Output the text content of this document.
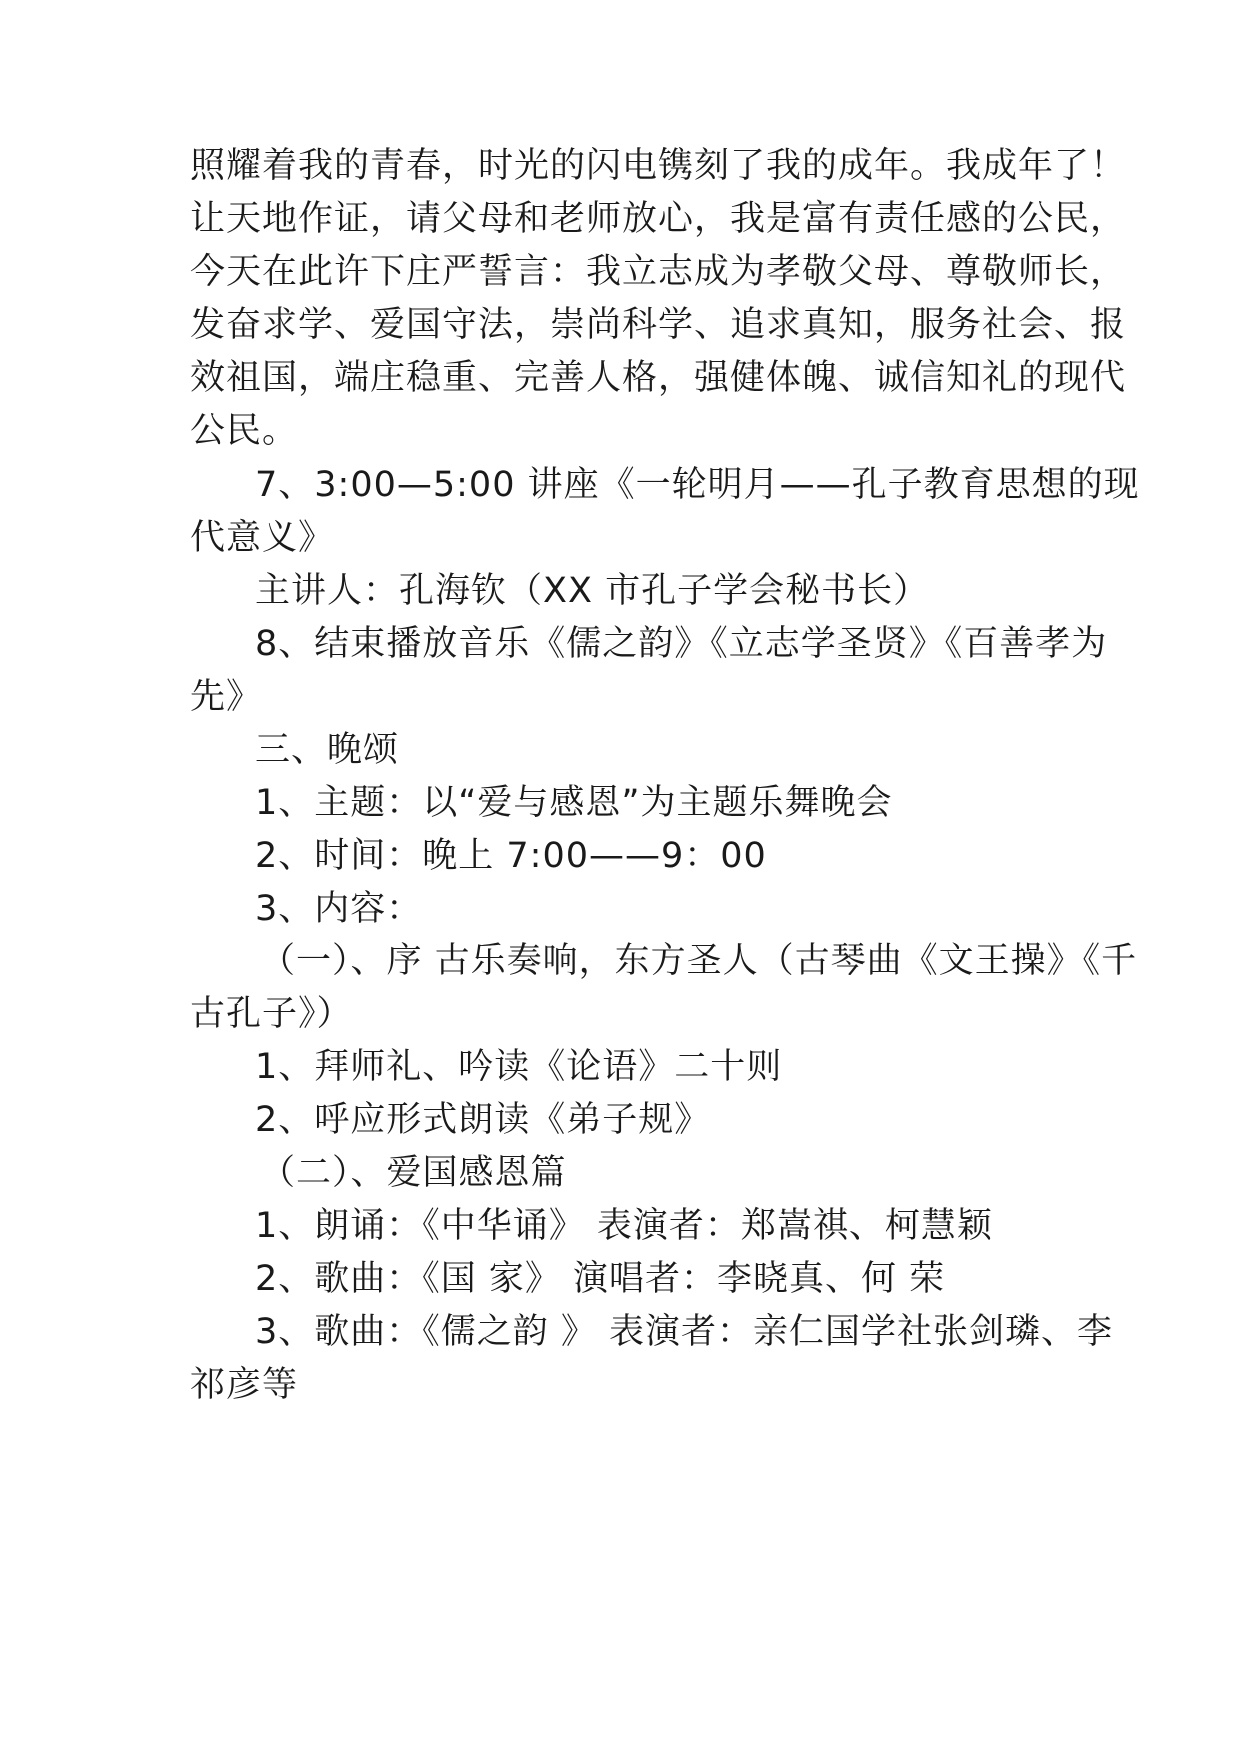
照耀着我的青春，时光的闪电镌刻了我的成年。我成年了！
让天地作证，请父母和老师放心，我是富有责任感的公民，
今天在此许下庄严誓言：我立志成为孝敬父母、尊敬师长，
发奋求学、爱国守法，崇尚科学、追求真知，服务社会、报
效祖国，端庄稳重、完善人格，强健体魄、诚信知礼的现代
公民。
7、3:00—5:00 讲座《一轮明月——孔子教育思想的现
代意义》
主讲人：孔海钦（XX 市孔子学会秘书长）
8、结束播放音乐《儒之韵》《立志学圣贤》《百善孝为
先》
三、晚颂
1、主题：以“爱与感恩”为主题乐舞晚会
2、时间：晚上 7:00——9：00
3、内容：
（一）、序 古乐奏响，东方圣人（古琴曲《文王操》《千
古孔子》）
1、拜师礼、吟读《论语》二十则
2、呼应形式朗读《弟子规》
（二）、爱国感恩篇
1、朗诵：《中华诵》 表演者：郑嵩祺、柯慧颖
2、歌曲：《国 家》 演唱者：李晓真、何 荣
3、歌曲：《儒之韵 》 表演者：亲仁国学社张剑璘、李
祁彦等
